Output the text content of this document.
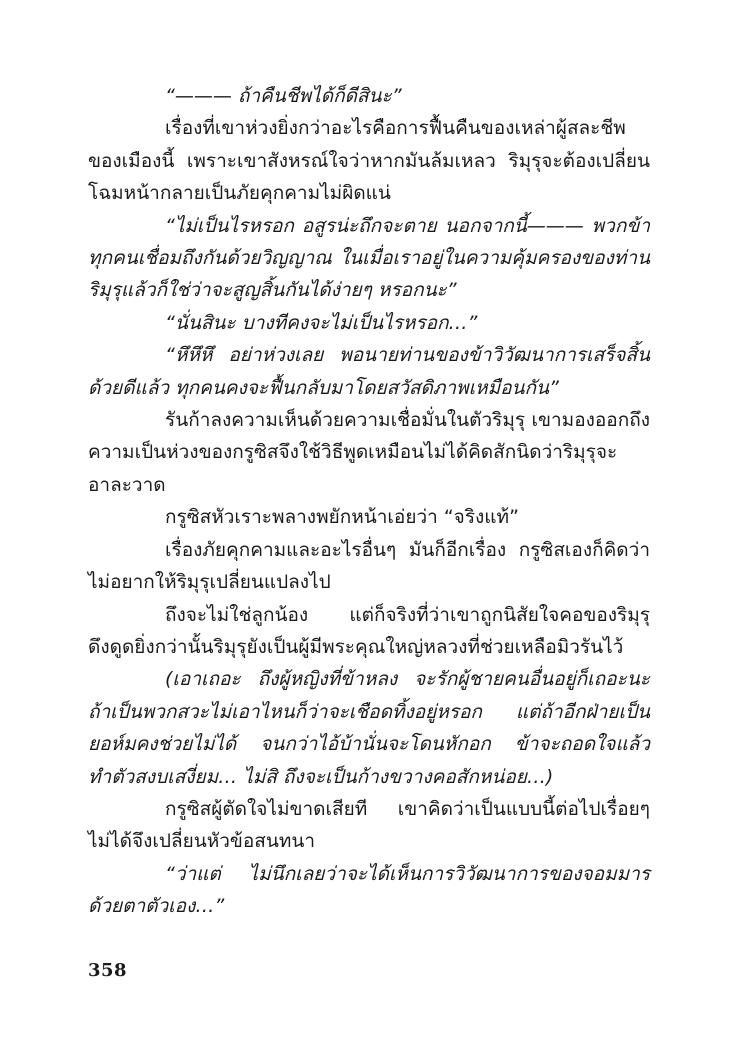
“——— ถ้าคืนชีพได้ก็ดีสินะ”

เรื่องที่เขาห่วงยิ่งกว่าอะไรคือการฟื้นคืนของเหล่าผู้สละชีพของเมืองนี้ เพราะเขาสังหรณ์ใจว่าหากมันล้มเหลว ริมุรุจะต้องเปลี่ยนโฉมหน้ากลายเป็นภัยคุกคามไม่ผิดแน่

“ไม่เป็นไรหรอก อสูรน่ะถึกจะตาย นอกจากนี้——— พวกข้าทุกคนเชื่อมถึงกันด้วยวิญญาณ ในเมื่อเราอยู่ในความคุ้มครองของท่านริมุรุแล้วก็ใช่ว่าจะสูญสิ้นกันได้ง่ายๆ หรอกนะ”

“นั่นสินะ บางทีคงจะไม่เป็นไรหรอก…”

“หึหึหึ อย่าห่วงเลย พอนายท่านของข้าวิวัฒนาการเสร็จสิ้นด้วยดีแล้ว ทุกคนคงจะฟื้นกลับมาโดยสวัสดิภาพเหมือนกัน”

รันก้าลงความเห็นด้วยความเชื่อมั่นในตัวริมุรุ เขามองออกถึงความเป็นห่วงของกรูซิสจึงใช้วิธีพูดเหมือนไม่ได้คิดสักนิดว่าริมุรุจะอาละวาด

กรูซิสหัวเราะพลางพยักหน้าเอ่ยว่า “จริงแท้”

เรื่องภัยคุกคามและอะไรอื่นๆ มันก็อีกเรื่อง กรูซิสเองก็คิดว่าไม่อยากให้ริมุรุเปลี่ยนแปลงไป

ถึงจะไม่ใช่ลูกน้อง แต่ก็จริงที่ว่าเขาถูกนิสัยใจคอของริมุรุดึงดูดยิ่งกว่านั้นริมุรุยังเป็นผู้มีพระคุณใหญ่หลวงที่ช่วยเหลือมิวรันไว้

(เอาเถอะ ถึงผู้หญิงที่ข้าหลง จะรักผู้ชายคนอื่นอยู่ก็เถอะนะ ถ้าเป็นพวกสวะไม่เอาไหนก็ว่าจะเชือดทิ้งอยู่หรอก แต่ถ้าอีกฝ่ายเป็นยอห์มคงช่วยไม่ได้ จนกว่าไอ้บ้านั่นจะโดนหักอก ข้าจะถอดใจแล้วทำตัวสงบเสงี่ยม… ไม่สิ ถึงจะเป็นก้างขวางคอสักหน่อย…)

กรูซิสผู้ตัดใจไม่ขาดเสียที เขาคิดว่าเป็นแบบนี้ต่อไปเรื่อยๆ ไม่ได้จึงเปลี่ยนหัวข้อสนทนา

“ว่าแต่ ไม่นึกเลยว่าจะได้เห็นการวิวัฒนาการของจอมมารด้วยตาตัวเอง…”

358
